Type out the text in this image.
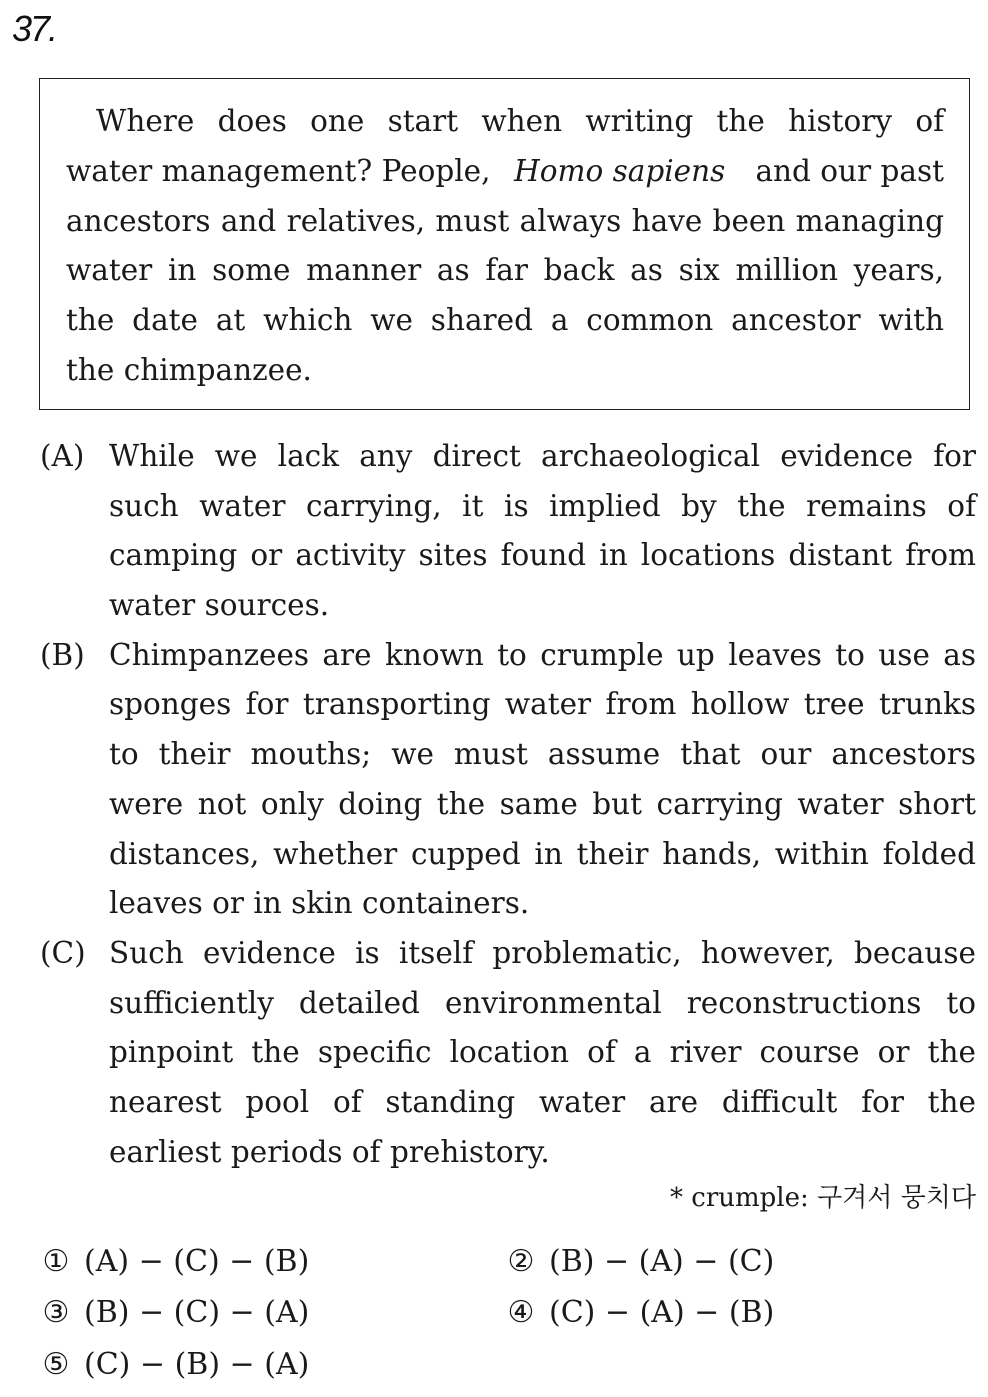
37.
Where does one start when writing the history of
water management? People, Homo sapiens and our past
ancestors and relatives, must always have been managing
water in some manner as far back as six million years,
the date at which we shared a common ancestor with
the chimpanzee.
(A) While we lack any direct archaeological evidence for
such water carrying, it is implied by the remains of
camping or activity sites found in locations distant from
water sources.
(B) Chimpanzees are known to crumple up leaves to use as
sponges for transporting water from hollow tree trunks
to their mouths; we must assume that our ancestors
were not only doing the same but carrying water short
distances, whether cupped in their hands, within folded
leaves or in skin containers.
(C) Such evidence is itself problematic, however, because
sufficiently detailed environmental reconstructions to
pinpoint the specific location of a river course or the
nearest pool of standing water are difficult for the
earliest periods of prehistory.
* crumple: 구겨서 뭉치다
① (A) − (C) − (B)	② (B) − (A) − (C)
③ (B) − (C) − (A)	④ (C) − (A) − (B)
⑤ (C) − (B) − (A)
